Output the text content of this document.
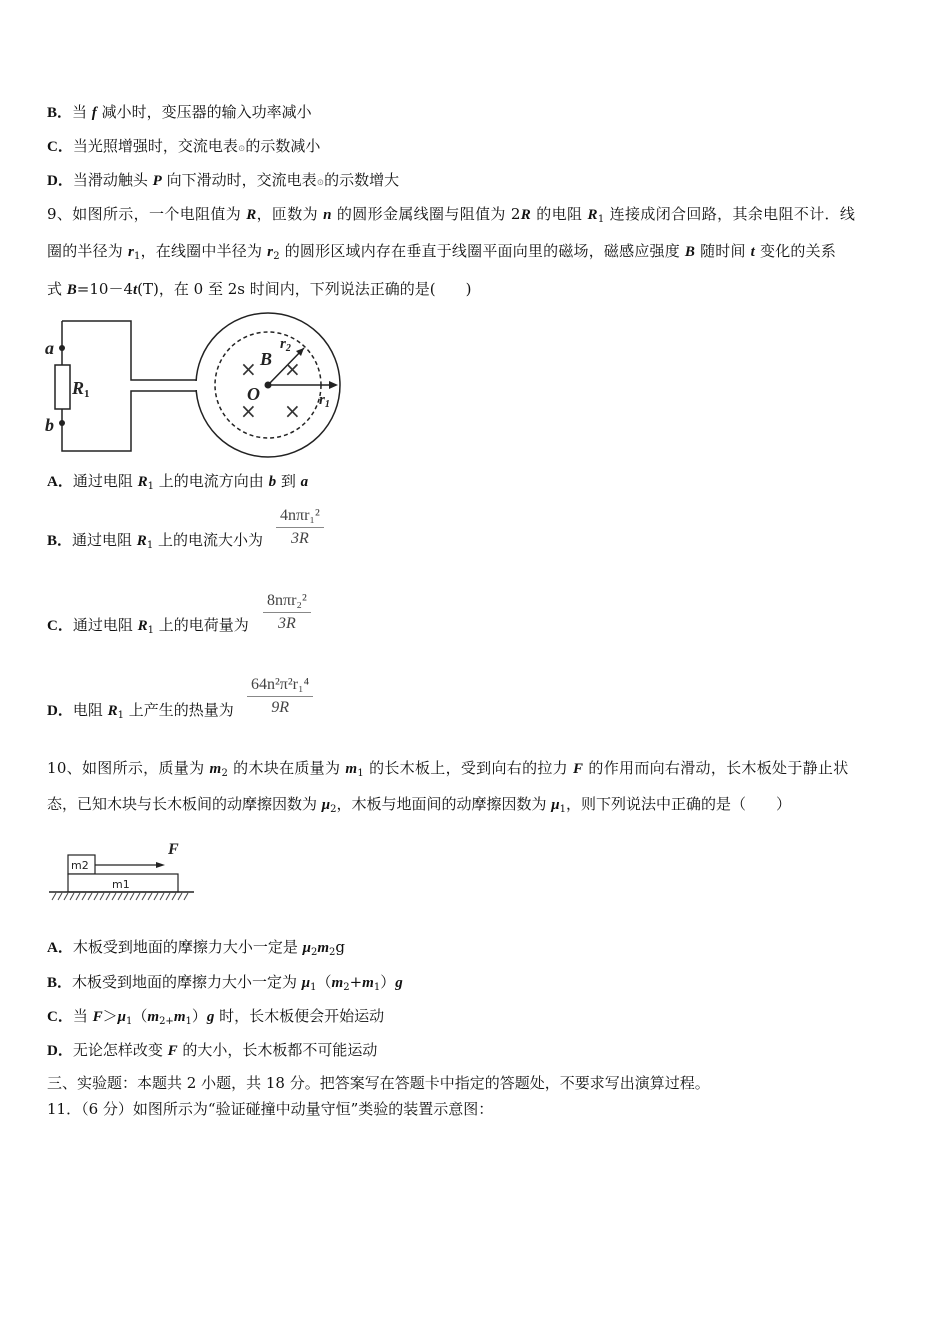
B．当 f 减小时，变压器的输入功率减小
C．当光照增强时，交流电表⊙的示数减小
D．当滑动触头 P 向下滑动时，交流电表⊙的示数增大
9、如图所示，一个电阻值为 R，匝数为 n 的圆形金属线圈与阻值为 2R 的电阻 $R_1$ 连接成闭合回路，其余电阻不计．线
圈的半径为 $r_1$，在线圈中半径为 $r_2$ 的圆形区域内存在垂直于线圈平面向里的磁场，磁感应强度 B 随时间 t 变化的关系
式 B=10－4t(T)，在 0 至 2s 时间内，下列说法正确的是(　　)
a
b
R1
B
O	$r_1$
$r_2$
× ×
× ×
A．通过电阻 $R_1$ 上的电流方向由 b 到 a
B．通过电阻 $R_1$ 上的电流大小为
4nπr₁²
3R
C．通过电阻 $R_1$ 上的电荷量为
8nπr₂²
3R
D．电阻 $R_1$ 上产生的热量为 $\frac{\text{64n²π²r₁⁴}}{9R}$
10、如图所示，质量为 $m_2$ 的木块在质量为 $m_1$ 的长木板上，受到向右的拉力 F 的作用而向右滑动，长木板处于静止状
态，已知木块与长木板间的动摩擦因数为 $\mu_2$，木板与地面间的动摩擦因数为 $\mu_1$，则下列说法中正确的是（　　）
m2
m1
F
A．木板受到地面的摩擦力大小一定是 $\mu_2m_2g$
B．木板受到地面的摩擦力大小一定为 $\mu_1(m_2+m_1)g$
C．当 $F>\mu_1(m_{2+}m_1)g$ 时，长木板便会开始运动
D．无论怎样改变 F 的大小，长木板都不可能运动
三、实验题：本题共 2 小题，共 18 分。把答案写在答题卡中指定的答题处，不要求写出演算过程。
11．（6 分）如图所示为“验证碰撞中动量守恒”类验的装置示意图：
